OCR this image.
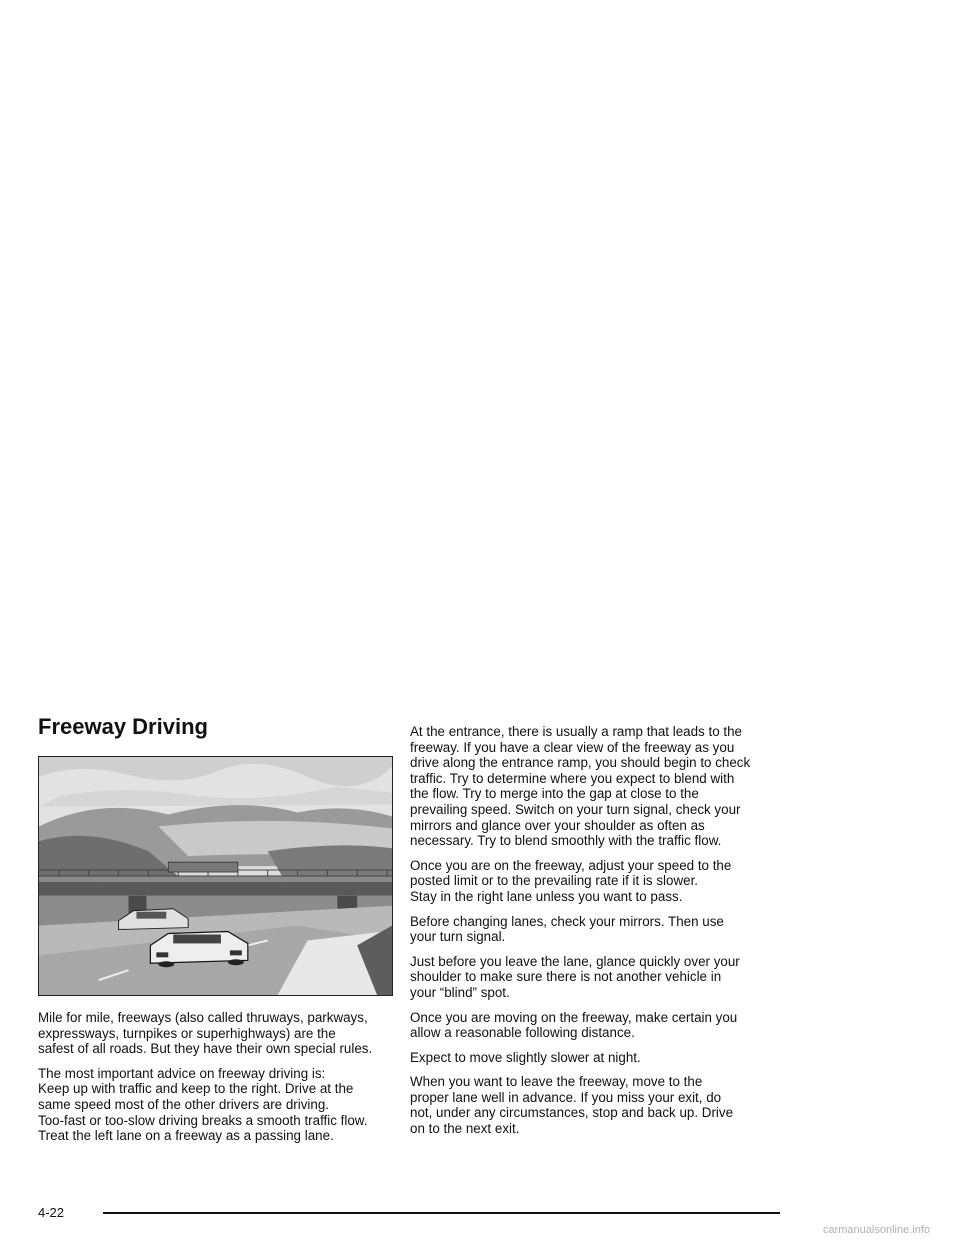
Freeway Driving

Mile for mile, freeways (also called thruways, parkways,
expressways, turnpikes or superhighways) are the
safest of all roads. But they have their own special rules.

The most important advice on freeway driving is:
Keep up with traffic and keep to the right. Drive at the
same speed most of the other drivers are driving.
Too-fast or too-slow driving breaks a smooth traffic flow.
Treat the left lane on a freeway as a passing lane.

At the entrance, there is usually a ramp that leads to the
freeway. If you have a clear view of the freeway as you
drive along the entrance ramp, you should begin to check
traffic. Try to determine where you expect to blend with
the flow. Try to merge into the gap at close to the
prevailing speed. Switch on your turn signal, check your
mirrors and glance over your shoulder as often as
necessary. Try to blend smoothly with the traffic flow.

Once you are on the freeway, adjust your speed to the
posted limit or to the prevailing rate if it is slower.
Stay in the right lane unless you want to pass.

Before changing lanes, check your mirrors. Then use
your turn signal.

Just before you leave the lane, glance quickly over your
shoulder to make sure there is not another vehicle in
your “blind” spot.

Once you are moving on the freeway, make certain you
allow a reasonable following distance.

Expect to move slightly slower at night.

When you want to leave the freeway, move to the
proper lane well in advance. If you miss your exit, do
not, under any circumstances, stop and back up. Drive
on to the next exit.

4-22
carmanualsonline.info
